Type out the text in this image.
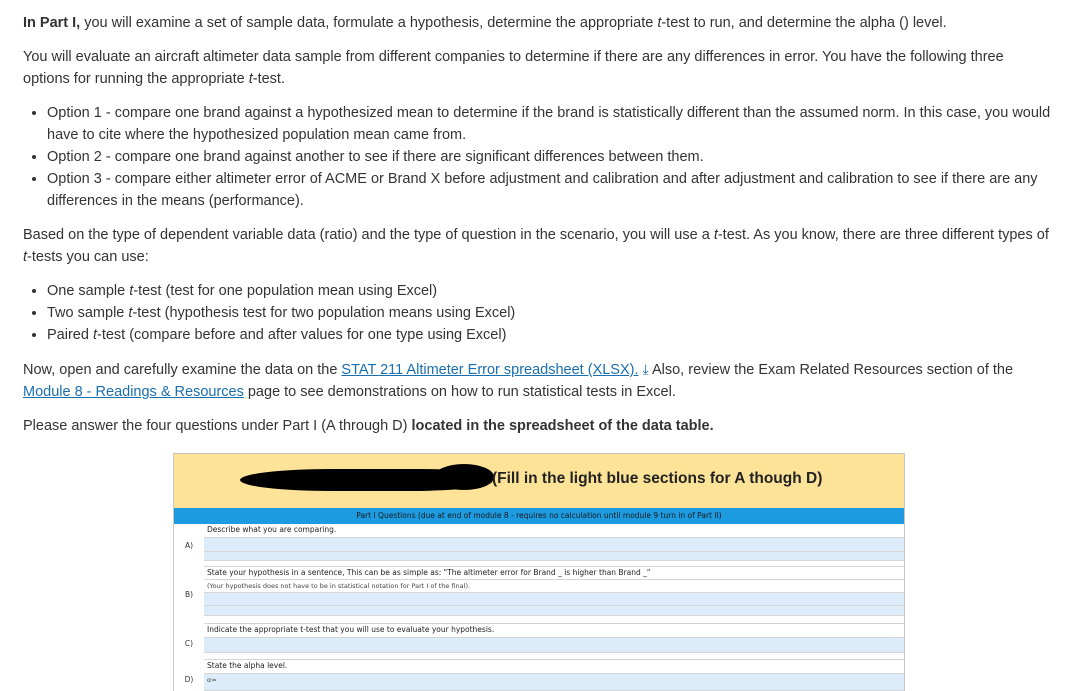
In Part I, you will examine a set of sample data, formulate a hypothesis, determine the appropriate t-test to run, and determine the alpha () level.

You will evaluate an aircraft altimeter data sample from different companies to determine if there are any differences in error. You have the following three options for running the appropriate t-test.

• Option 1 - compare one brand against a hypothesized mean to determine if the brand is statistically different than the assumed norm. In this case, you would have to cite where the hypothesized population mean came from.
• Option 2 - compare one brand against another to see if there are significant differences between them.
• Option 3 - compare either altimeter error of ACME or Brand X before adjustment and calibration and after adjustment and calibration to see if there are any differences in the means (performance).

Based on the type of dependent variable data (ratio) and the type of question in the scenario, you will use a t-test. As you know, there are three different types of t-tests you can use:

• One sample t-test (test for one population mean using Excel)
• Two sample t-test (hypothesis test for two population means using Excel)
• Paired t-test (compare before and after values for one type using Excel)

Now, open and carefully examine the data on the STAT 211 Altimeter Error spreadsheet (XLSX). ⤓ Also, review the Exam Related Resources section of the Module 8 - Readings & Resources page to see demonstrations on how to run statistical tests in Excel.

Please answer the four questions under Part I (A through D) located in the spreadsheet of the data table.

(Fill in the light blue sections for A though D)
Part I Questions (due at end of module 8 - requires no calculation until module 9 turn in of Part II)
Describe what you are comparing.
A)
State your hypothesis in a sentence, This can be as simple as: "The altimeter error for Brand _ is higher than Brand _"
(Your hypothesis does not have to be in statistical notation for Part I of the final).
B)
Indicate the appropriate t-test that you will use to evaluate your hypothesis.
C)
State the alpha level.
D)	α=
